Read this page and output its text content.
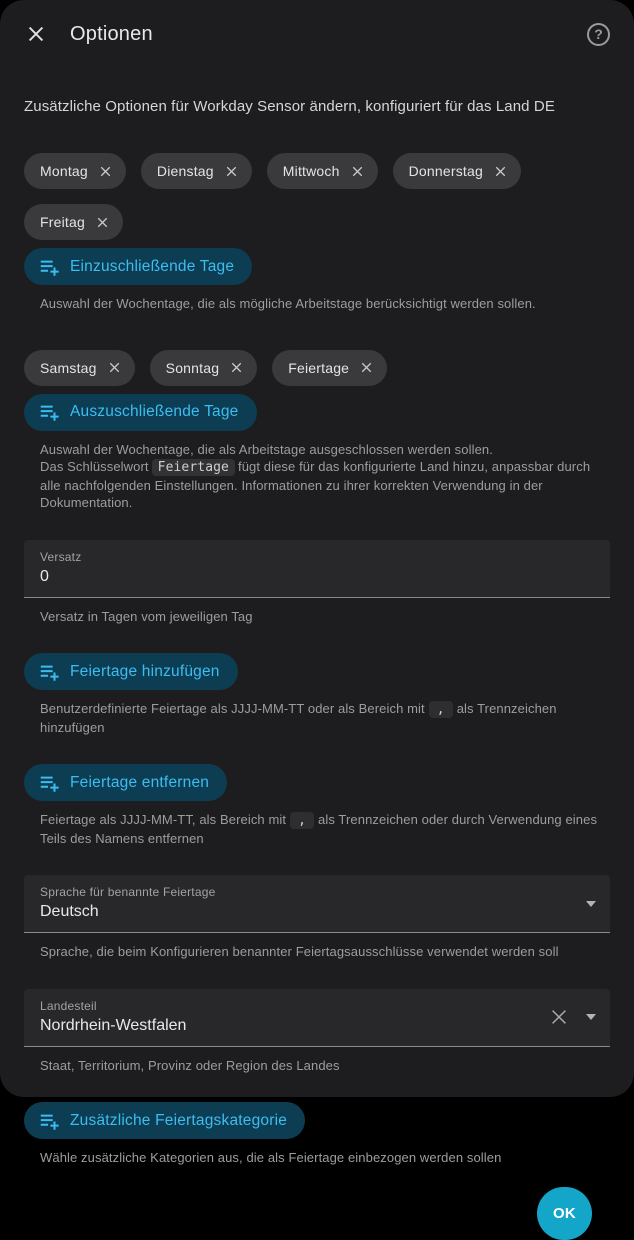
Optionen	?
Zusätzliche Optionen für Workday Sensor ändern, konfiguriert für das Land DE
Montag	Dienstag	Mittwoch	Donnerstag
Freitag
Einzuschließende Tage
Auswahl der Wochentage, die als mögliche Arbeitstage berücksichtigt werden sollen.
Samstag	Sonntag	Feiertage
Auszuschließende Tage
Auswahl der Wochentage, die als Arbeitstage ausgeschlossen werden sollen.
Das Schlüsselwort Feiertage fügt diese für das konfigurierte Land hinzu, anpassbar durch alle nachfolgenden Einstellungen. Informationen zu ihrer korrekten Verwendung in der Dokumentation.
Versatz
0
Versatz in Tagen vom jeweiligen Tag
Feiertage hinzufügen
Benutzerdefinierte Feiertage als JJJJ-MM-TT oder als Bereich mit , als Trennzeichen hinzufügen
Feiertage entfernen
Feiertage als JJJJ-MM-TT, als Bereich mit , als Trennzeichen oder durch Verwendung eines Teils des Namens entfernen
Sprache für benannte Feiertage
Deutsch
Sprache, die beim Konfigurieren benannter Feiertagsausschlüsse verwendet werden soll
Landesteil
Nordrhein-Westfalen
Staat, Territorium, Provinz oder Region des Landes
Zusätzliche Feiertagskategorie
Wähle zusätzliche Kategorien aus, die als Feiertage einbezogen werden sollen
OK
